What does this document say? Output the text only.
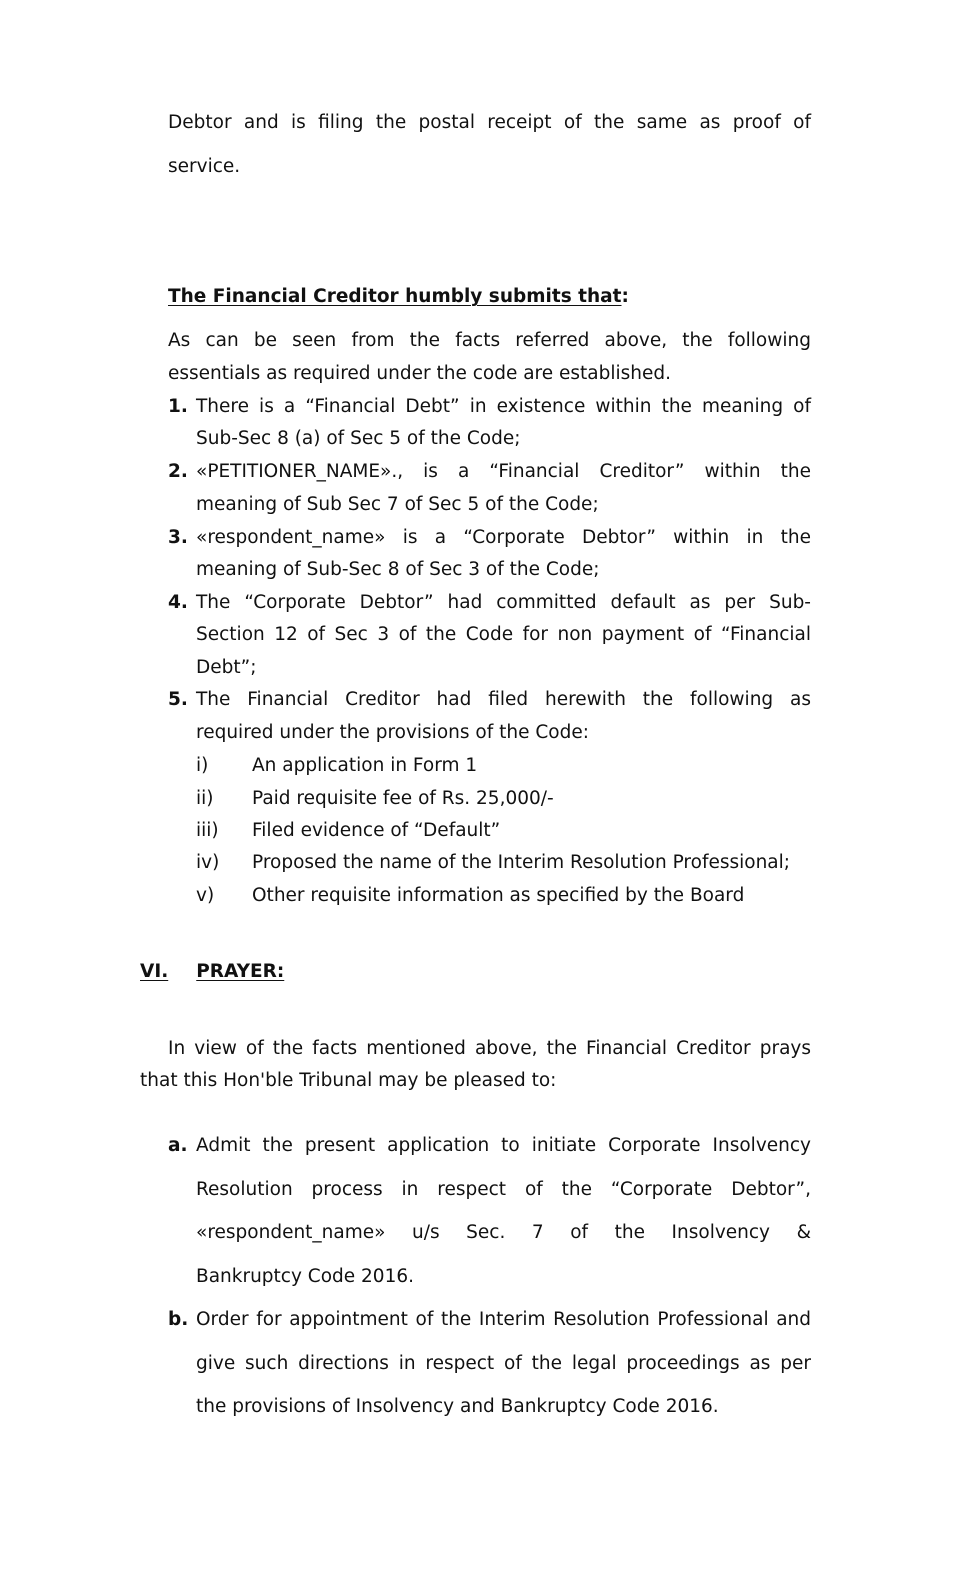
Debtor and is filing the postal receipt of the same as proof of
service.
The Financial Creditor humbly submits that:
As can be seen from the facts referred above, the following
essentials as required under the code are established.
1. There is a “Financial Debt” in existence within the meaning of
Sub-Sec 8 (a) of Sec 5 of the Code;
2. «PETITIONER_NAME»., is a “Financial Creditor” within the
meaning of Sub Sec 7 of Sec 5 of the Code;
3. «respondent_name» is a “Corporate Debtor” within in the
meaning of Sub-Sec 8 of Sec 3 of the Code;
4. The “Corporate Debtor” had committed default as per Sub-
Section 12 of Sec 3 of the Code for non payment of “Financial
Debt”;
5. The Financial Creditor had filed herewith the following as
required under the provisions of the Code:
i) An application in Form 1
ii) Paid requisite fee of Rs. 25,000/-
iii) Filed evidence of “Default”
iv) Proposed the name of the Interim Resolution Professional;
v) Other requisite information as specified by the Board
VI. PRAYER:
In view of the facts mentioned above, the Financial Creditor prays
that this Hon'ble Tribunal may be pleased to:
a. Admit the present application to initiate Corporate Insolvency
Resolution process in respect of the “Corporate Debtor”,
«respondent_name» u/s Sec. 7 of the Insolvency &
Bankruptcy Code 2016.
b. Order for appointment of the Interim Resolution Professional and
give such directions in respect of the legal proceedings as per
the provisions of Insolvency and Bankruptcy Code 2016.
